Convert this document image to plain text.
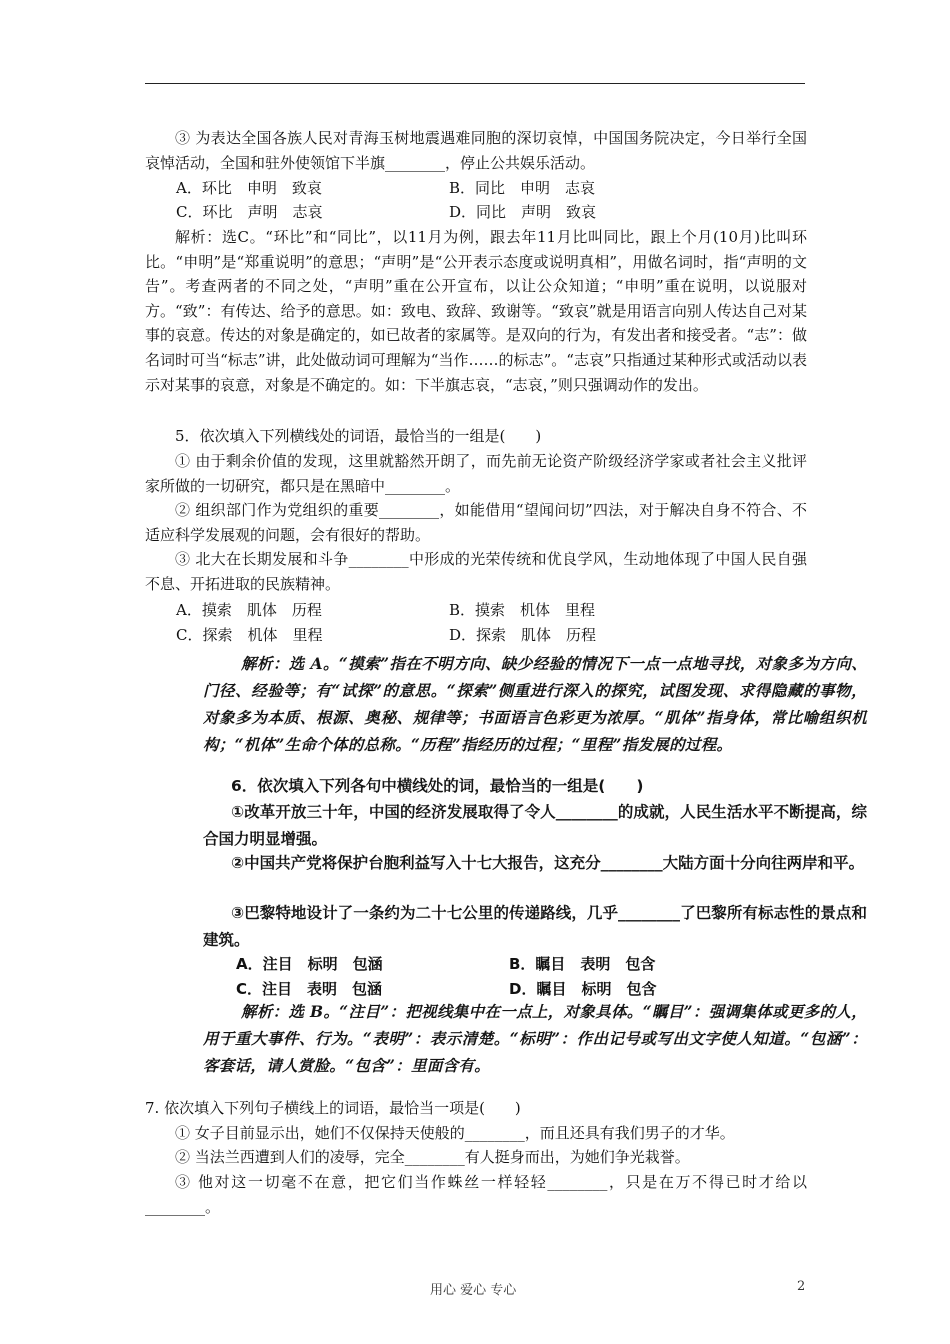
③ 为表达全国各族人民对青海玉树地震遇难同胞的深切哀悼，中国国务院决定，今日举行全国哀悼活动，全国和驻外使领馆下半旗________，停止公共娱乐活动。

A．环比　申明　致哀	B．同比　申明　志哀

C．环比　声明　志哀	D．同比　声明　致哀

解析：选C。“环比”和“同比”，以11月为例，跟去年11月比叫同比，跟上个月(10月)比叫环比。“申明”是“郑重说明”的意思；“声明”是“公开表示态度或说明真相”，用做名词时，指“声明的文告”。考查两者的不同之处，“声明”重在公开宣布，以让公众知道；“申明”重在说明，以说服对方。“致”：有传达、给予的意思。如：致电、致辞、致谢等。“致哀”就是用语言向别人传达自己对某事的哀意。传达的对象是确定的，如已故者的家属等。是双向的行为，有发出者和接受者。“志”：做名词时可当“标志”讲，此处做动词可理解为“当作……的标志”。“志哀”只指通过某种形式或活动以表示对某事的哀意，对象是不确定的。如：下半旗志哀，“志哀，”则只强调动作的发出。

5．依次填入下列横线处的词语，最恰当的一组是(　　)

① 由于剩余价值的发现，这里就豁然开朗了，而先前无论资产阶级经济学家或者社会主义批评家所做的一切研究，都只是在黑暗中________。

② 组织部门作为党组织的重要________，如能借用“望闻问切”四法，对于解决自身不符合、不适应科学发展观的问题，会有很好的帮助。

③ 北大在长期发展和斗争________中形成的光荣传统和优良学风，生动地体现了中国人民自强不息、开拓进取的民族精神。

A．摸索　肌体　历程	B．摸索　机体　里程

C．探索　机体　里程	D．探索　肌体　历程

解析：选 A。“摸索”指在不明方向、缺少经验的情况下一点一点地寻找，对象多为方向、门径、经验等；有“试探”的意思。“探索”侧重进行深入的探究，试图发现、求得隐藏的事物，对象多为本质、根源、奥秘、规律等；书面语言色彩更为浓厚。“肌体”指身体，常比喻组织机构；“机体”生命个体的总称。“历程”指经历的过程；“里程”指发展的过程。

6．依次填入下列各句中横线处的词，最恰当的一组是(　　)

①改革开放三十年，中国的经济发展取得了令人________的成就，人民生活水平不断提高，综合国力明显增强。

②中国共产党将保护台胞利益写入十七大报告，这充分________大陆方面十分向往两岸和平。

③巴黎特地设计了一条约为二十七公里的传递路线，几乎________了巴黎所有标志性的景点和建筑。

A．注目　标明　包涵	B．瞩目　表明　包含

C．注目　表明　包涵	D．瞩目　标明　包含

解析：选 B。“注目”：把视线集中在一点上，对象具体。“瞩目”：强调集体或更多的人，用于重大事件、行为。“表明”：表示清楚。“标明”：作出记号或写出文字使人知道。“包涵”：客套话，请人赏脸。“包含”：里面含有。

7. 依次填入下列句子横线上的词语，最恰当一项是(　　)

① 女子目前显示出，她们不仅保持天使般的________，而且还具有我们男子的才华。

② 当法兰西遭到人们的凌辱，完全________有人挺身而出，为她们争光栽誉。

③ 他对这一切毫不在意，把它们当作蛛丝一样轻轻________，只是在万不得已时才给以________。

用心 爱心 专心	2
